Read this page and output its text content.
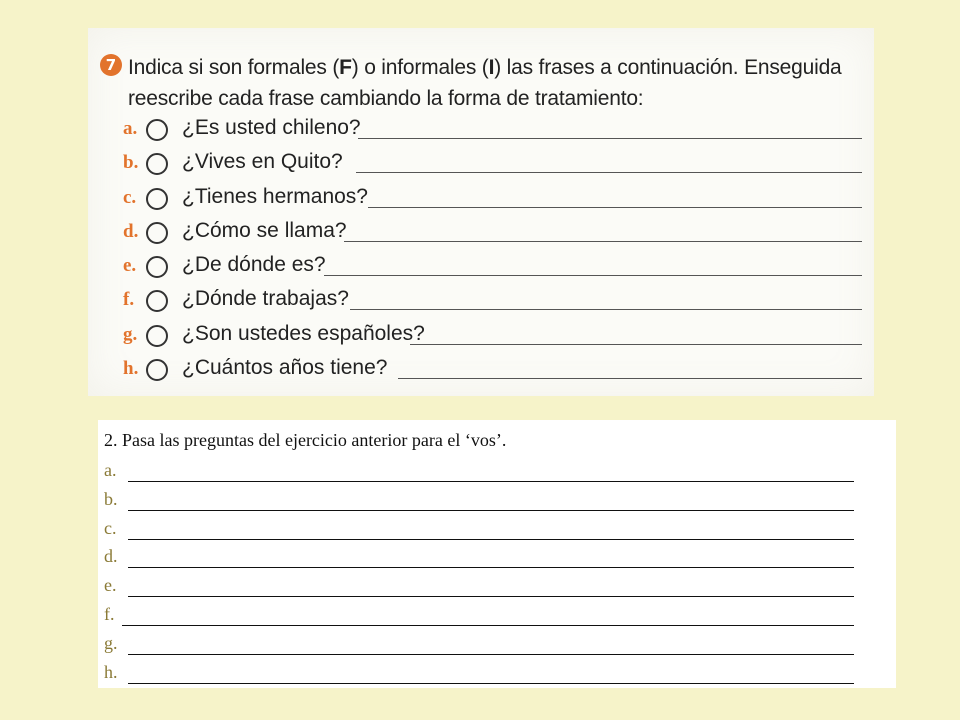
7 Indica si son formales (F) o informales (I) las frases a continuación. Enseguida reescribe cada frase cambiando la forma de tratamiento:
a. ¿Es usted chileno?
b. ¿Vives en Quito?
c. ¿Tienes hermanos?
d. ¿Cómo se llama?
e. ¿De dónde es?
f. ¿Dónde trabajas?
g. ¿Son ustedes españoles?
h. ¿Cuántos años tiene?
2. Pasa las preguntas del ejercicio anterior para el ‘vos’.
a.
b.
c.
d.
e.
f.
g.
h.
